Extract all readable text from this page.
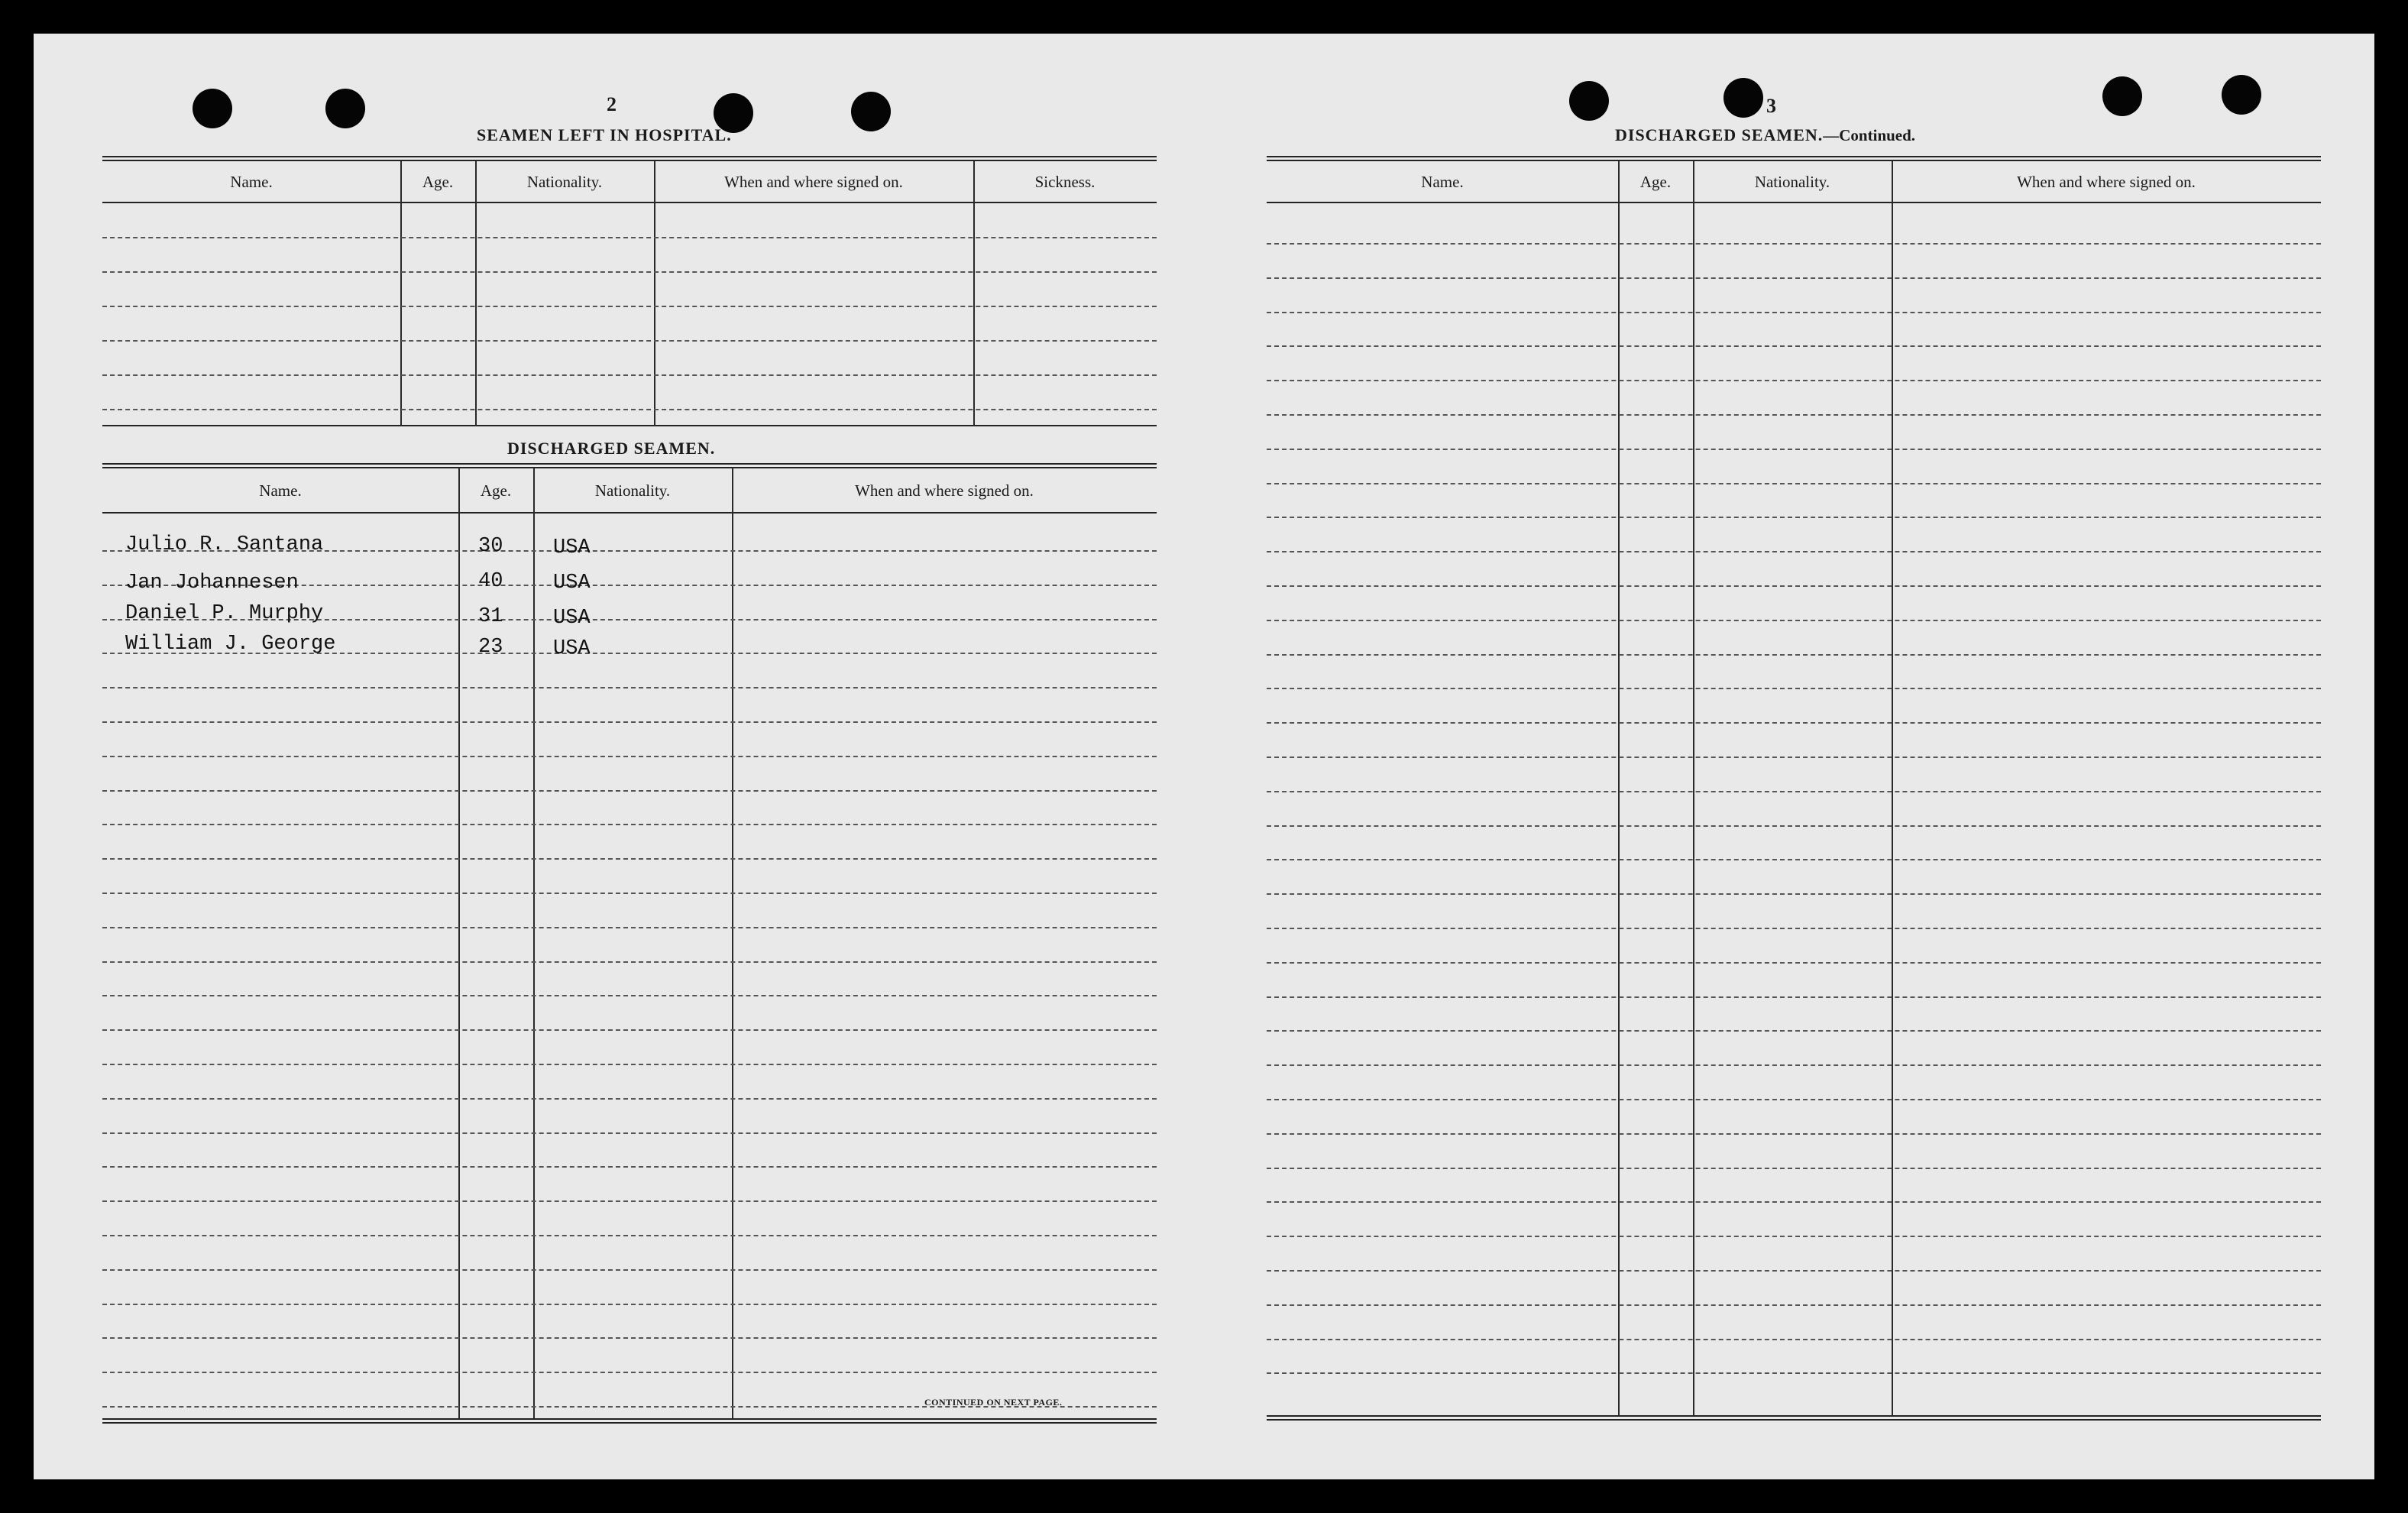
2
SEAMEN LEFT IN HOSPITAL.
Name.	Age.	Nationality.	When and where signed on.	Sickness.
DISCHARGED SEAMEN.
Name.	Age.	Nationality.	When and where signed on.
Julio R. Santana	30 USA
Jan Johannesen	40 USA
Daniel P. Murphy	31 USA
William J. George	23 USA
CONTINUED ON NEXT PAGE.
3
DISCHARGED SEAMEN.—Continued.
Name.	Age.	Nationality.	When and where signed on.
